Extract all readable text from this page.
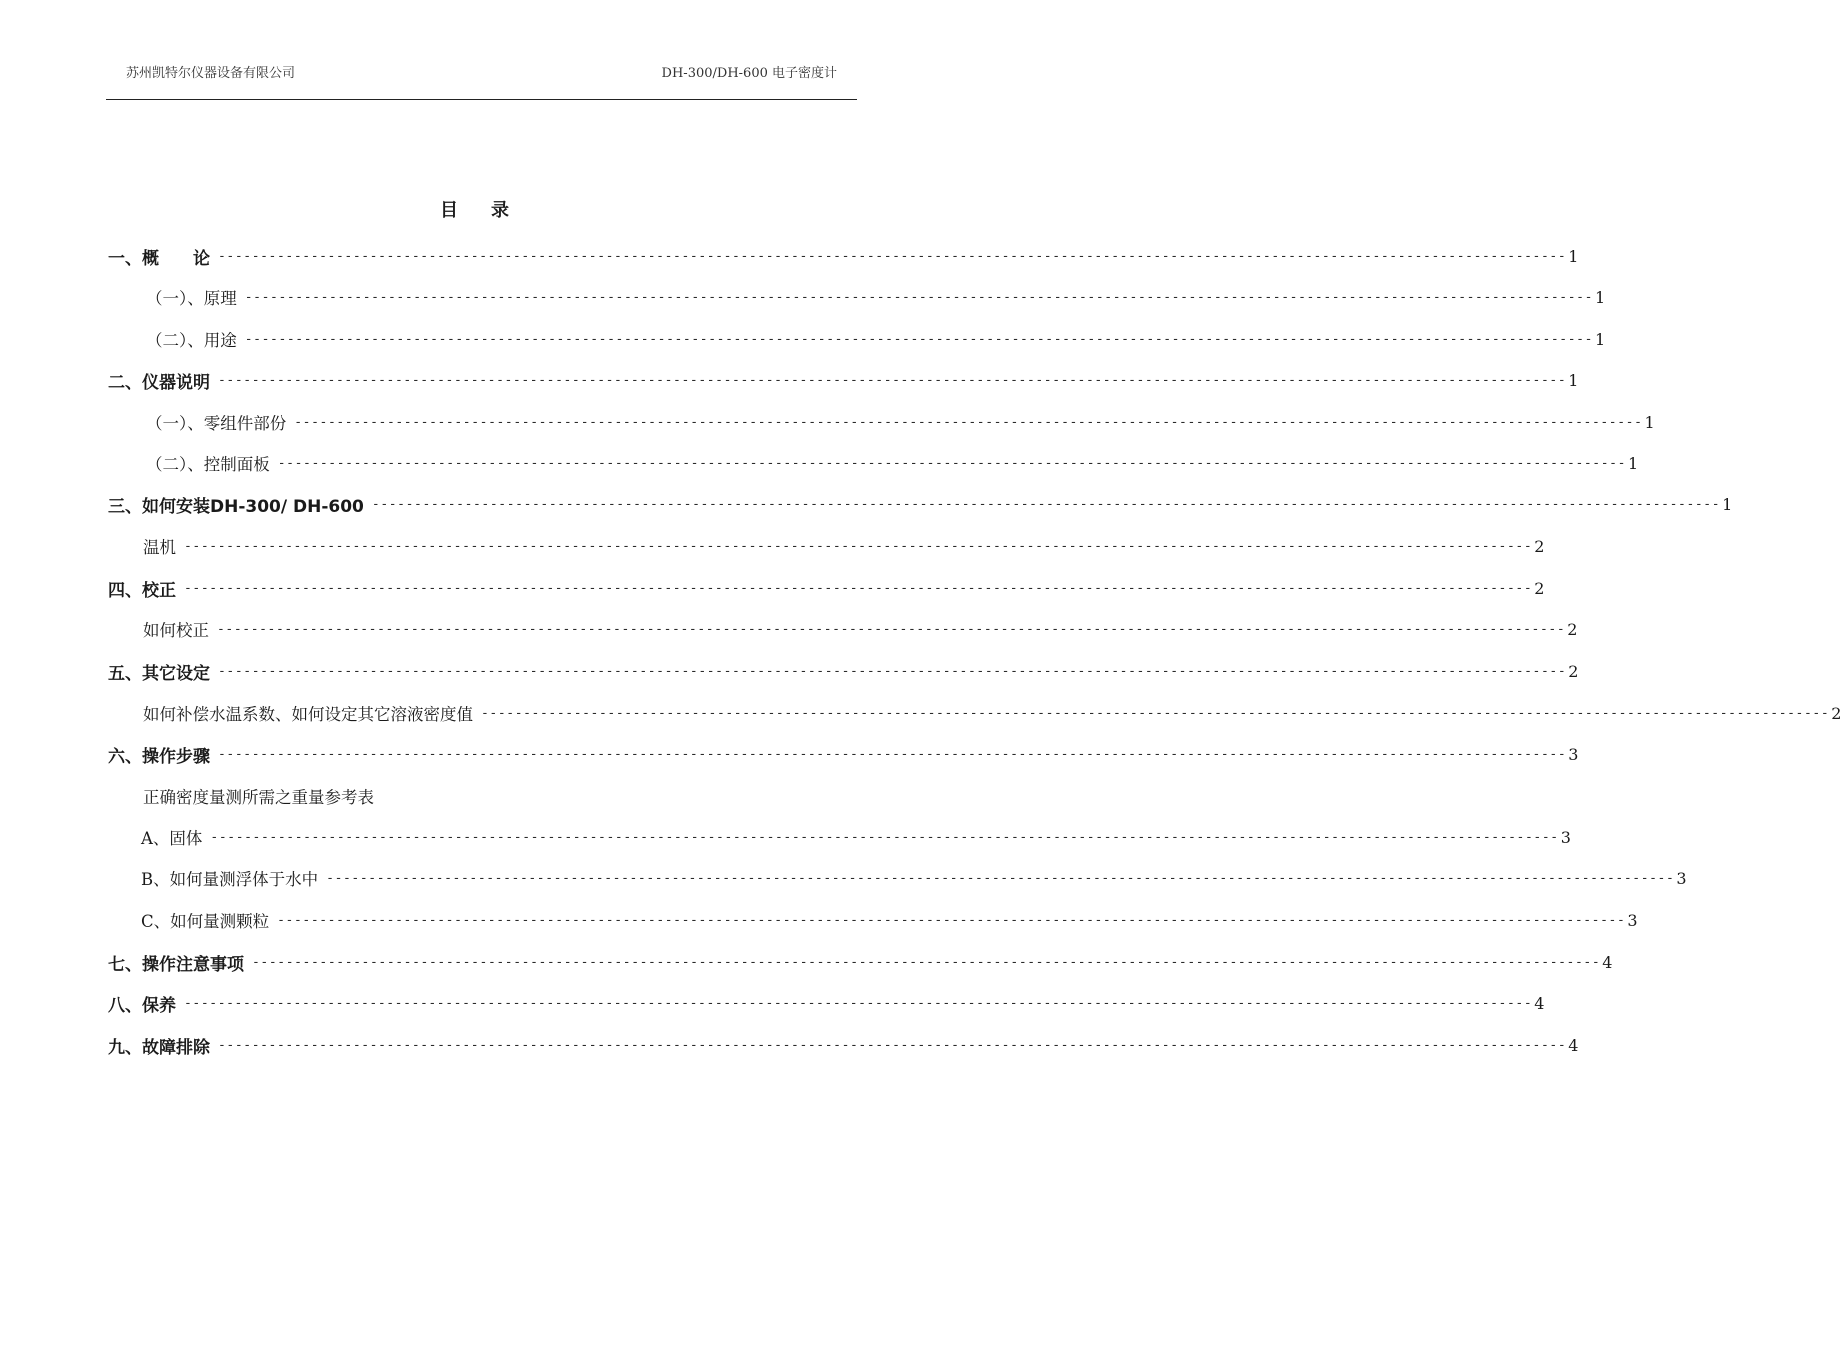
苏州凯特尔仪器设备有限公司	DH-300/DH-600 电子密度计
目 录
一、概　　论 ---------------------------------------------------------------------------------------------------------------------------------------------------------------- 1
（一）、原理 ---------------------------------------------------------------------------------------------------------------------------------------------------------------- 1
（二）、用途 ---------------------------------------------------------------------------------------------------------------------------------------------------------------- 1
二、仪器说明 ---------------------------------------------------------------------------------------------------------------------------------------------------------------- 1
（一）、零组件部份 ---------------------------------------------------------------------------------------------------------------------------------------------------------------- 1
（二）、控制面板 ---------------------------------------------------------------------------------------------------------------------------------------------------------------- 1
三、如何安装DH-300/ DH-600 ---------------------------------------------------------------------------------------------------------------------------------------------------------------- 1
温机 ---------------------------------------------------------------------------------------------------------------------------------------------------------------- 2
四、校正 ---------------------------------------------------------------------------------------------------------------------------------------------------------------- 2
如何校正 ---------------------------------------------------------------------------------------------------------------------------------------------------------------- 2
五、其它设定 ---------------------------------------------------------------------------------------------------------------------------------------------------------------- 2
如何补偿水温系数、如何设定其它溶液密度值 ---------------------------------------------------------------------------------------------------------------------------------------------------------------- 2
六、操作步骤 ---------------------------------------------------------------------------------------------------------------------------------------------------------------- 3
正确密度量测所需之重量参考表
A、固体 ---------------------------------------------------------------------------------------------------------------------------------------------------------------- 3
B、如何量测浮体于水中 ---------------------------------------------------------------------------------------------------------------------------------------------------------------- 3
C、如何量测颗粒 ---------------------------------------------------------------------------------------------------------------------------------------------------------------- 3
七、操作注意事项 ---------------------------------------------------------------------------------------------------------------------------------------------------------------- 4
八、保养 ---------------------------------------------------------------------------------------------------------------------------------------------------------------- 4
九、故障排除 ---------------------------------------------------------------------------------------------------------------------------------------------------------------- 4
